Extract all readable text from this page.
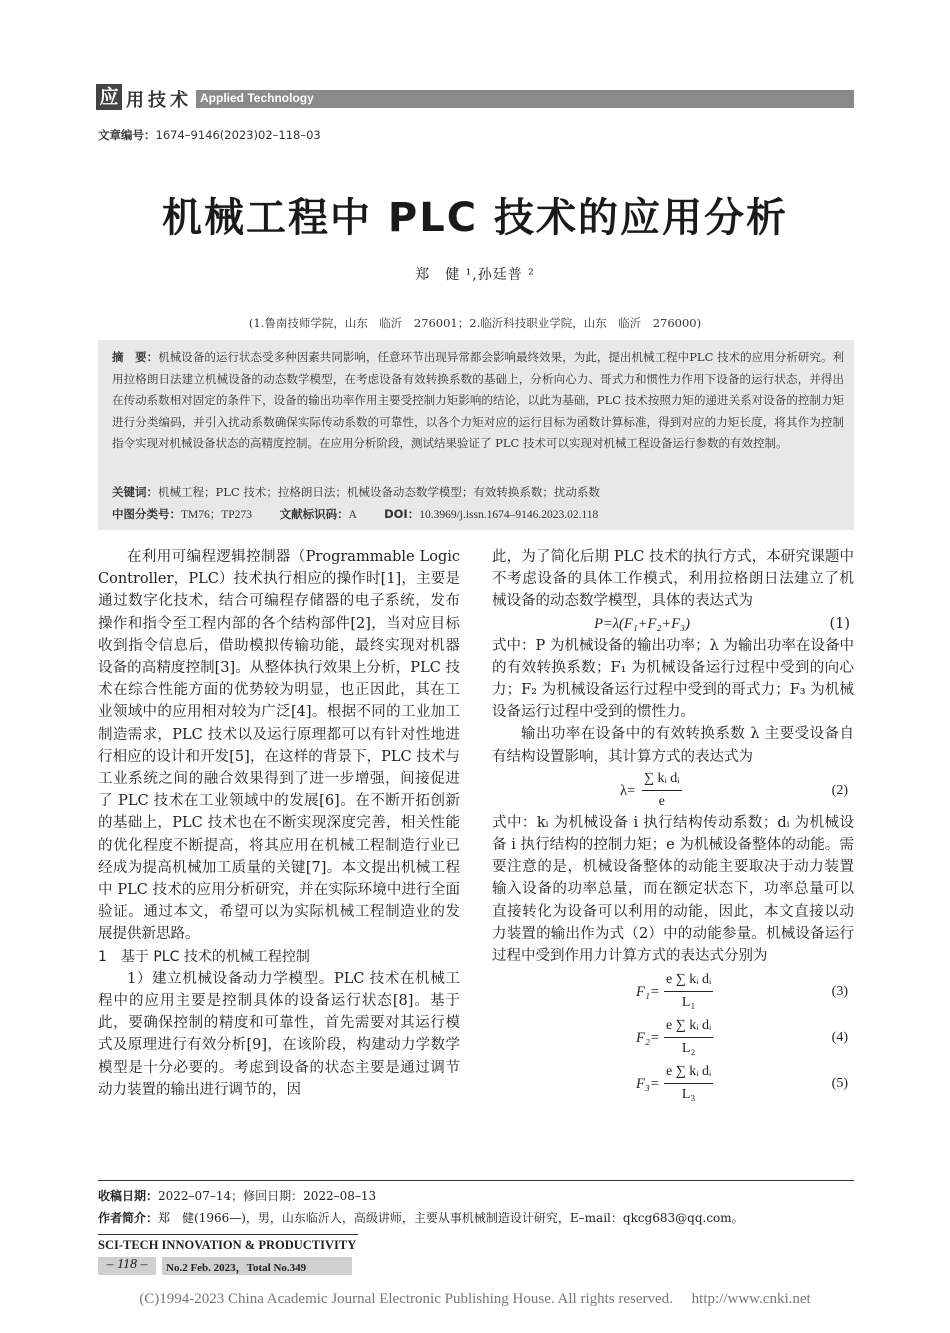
应 用技术 Applied Technology
文章编号：1674–9146(2023)02–118–03
机械工程中 PLC 技术的应用分析
郑　健 ¹,孙廷普 ²
(1.鲁南技师学院，山东　临沂　276001；2.临沂科技职业学院，山东　临沂　276000)
摘　要：机械设备的运行状态受多种因素共同影响，任意环节出现异常都会影响最终效果，为此，提出机械工程中PLC 技术的应用分析研究。利用拉格朗日法建立机械设备的动态数学模型，在考虑设备有效转换系数的基础上，分析向心力、哥式力和惯性力作用下设备的运行状态，并得出在传动系数相对固定的条件下，设备的输出功率作用主要受控制力矩影响的结论，以此为基础，PLC 技术按照力矩的递进关系对设备的控制力矩进行分类编码，并引入扰动系数确保实际传动系数的可靠性，以各个力矩对应的运行目标为函数计算标准，得到对应的力矩长度，将其作为控制指令实现对机械设备状态的高精度控制。在应用分析阶段，测试结果验证了 PLC 技术可以实现对机械工程设备运行参数的有效控制。
关键词：机械工程；PLC 技术；拉格朗日法；机械设备动态数学模型；有效转换系数；扰动系数
中图分类号：TM76；TP273 文献标识码：A DOI：10.3969/j.issn.1674–9146.2023.02.118

在利用可编程逻辑控制器（Programmable Logic Controller，PLC）技术执行相应的操作时[1]，主要是通过数字化技术，结合可编程存储器的电子系统，发布操作和指令至工程内部的各个结构部件[2]，当对应目标收到指令信息后，借助模拟传输功能，最终实现对机器设备的高精度控制[3]。从整体执行效果上分析，PLC 技术在综合性能方面的优势较为明显，也正因此，其在工业领域中的应用相对较为广泛[4]。根据不同的工业加工制造需求，PLC 技术以及运行原理都可以有针对性地进行相应的设计和开发[5]，在这样的背景下，PLC 技术与工业系统之间的融合效果得到了进一步增强，间接促进了 PLC 技术在工业领域中的发展[6]。在不断开拓创新的基础上，PLC 技术也在不断实现深度完善，相关性能的优化程度不断提高，将其应用在机械工程制造行业已经成为提高机械加工质量的关键[7]。本文提出机械工程中 PLC 技术的应用分析研究，并在实际环境中进行全面验证。通过本文，希望可以为实际机械工程制造业的发展提供新思路。

1　基于 PLC 技术的机械工程控制

1）建立机械设备动力学模型。PLC 技术在机械工程中的应用主要是控制具体的设备运行状态[8]。基于此，要确保控制的精度和可靠性，首先需要对其运行模式及原理进行有效分析[9]，在该阶段，构建动力学数学模型是十分必要的。考虑到设备的状态主要是通过调节动力装置的输出进行调节的，因

此，为了简化后期 PLC 技术的执行方式，本研究课题中不考虑设备的具体工作模式，利用拉格朗日法建立了机械设备的动态数学模型，具体的表达式为

P=λ(F₁+F₂+F₃)	(1)

式中：P 为机械设备的输出功率；λ 为输出功率在设备中的有效转换系数；F₁ 为机械设备运行过程中受到的向心力；F₂ 为机械设备运行过程中受到的哥式力；F₃ 为机械设备运行过程中受到的惯性力。

输出功率在设备中的有效转换系数 λ 主要受设备自有结构设置影响，其计算方式的表达式为

$\lambda= \frac{\text{∑ kᵢ dᵢ}}{e}$	(2)

式中：kᵢ 为机械设备 i 执行结构传动系数；dᵢ 为机械设备 i 执行结构的控制力矩；e 为机械设备整体的动能。需要注意的是，机械设备整体的动能主要取决于动力装置输入设备的功率总量，而在额定状态下，功率总量可以直接转化为设备可以利用的动能，因此，本文直接以动力装置的输出作为式（2）中的动能参量。机械设备运行过程中受到作用力计算方式的表达式分别为

$F_1= \frac{\text{e ∑ kᵢ dᵢ}}{\text{L₁}}$	(3)
$F_2= \frac{\text{e ∑ kᵢ dᵢ}}{\text{L₂}}$	(4)
$F_3= \frac{\text{e ∑ kᵢ dᵢ}}{\text{L₃}}$	(5)
收稿日期：2022–07–14；修回日期：2022–08–13
作者简介：郑　健(1966—)，男，山东临沂人，高级讲师，主要从事机械制造设计研究，E–mail：qkcg683@qq.com。
SCI-TECH INNOVATION & PRODUCTIVITY
– 118 –	No.2 Feb. 2023，Total No.349
(C)1994-2023 China Academic Journal Electronic Publishing House. All rights reserved.　 http://www.cnki.net
